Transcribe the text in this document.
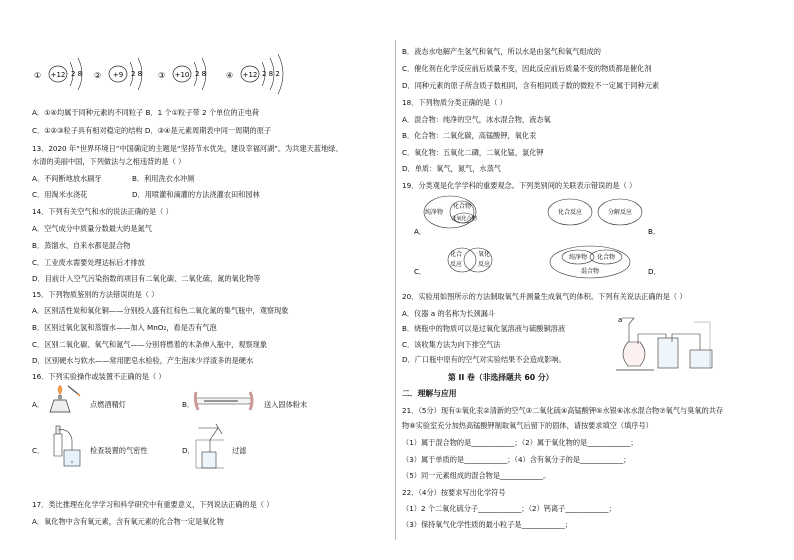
① +12 2 8 ② +9 2 8 ③ +10 2 8 ④ +12 2 8 2
A．①④均属于同种元素的不同粒子 B．1 个①粒子带 2 个单位的正电荷
C．①②③粒子具有相对稳定的结构 D．③④是元素周期表中同一周期的原子
13．2020 年“世界环境日”中国确定的主题是“坚持节水优先，建设幸福河湖”。为共建天蓝地绿、
水清的美丽中国，下列做法与之相违背的是（ ）
A．不间断地放水刷牙	B．利用洗衣水冲厕
C．用淘米水浇花	D．用喷灌和滴灌的方法浇灌农田和园林
14．下列有关空气和水的说法正确的是（ ）
A．空气成分中质量分数最大的是氮气
B．蒸馏水、自来水都是混合物
C．工业废水需要处理达标后才排放
D．目前计入空气污染指数的项目有二氧化碳、二氧化硫、氮的氧化物等
15．下列物质鉴别的方法错误的是（ ）
A．区别活性炭和氧化铜——分别投入盛有红棕色二氧化氮的集气瓶中，观察现象
B．区别过氧化氢和蒸馏水——加入 MnO₂，看是否有气泡
C．区别二氧化碳、氧气和氮气——分别将燃着的木条伸入瓶中，观察现象
D．区别硬水与软水——常用肥皂水检验，产生泡沫少浮渣多的是硬水
16．下列实验操作或装置不正确的是（ ）
A．	点燃酒精灯	B．	送入固体粉末
C．	检查装置的气密性	D．	过滤
17．类比推理在化学学习和科学研究中有重要意义，下列说法正确的是（ ）
A．氧化物中含有氧元素，含有氧元素的化合物一定是氧化物
B．液态水电解产生氢气和氧气，所以水是由氢气和氧气组成的
C．催化剂在化学反应前后质量不变，因此反应前后质量不变的物质都是催化剂
D．同种元素的原子所含质子数相同，含有相同质子数的微粒不一定属于同种元素
18．下列物质分类正确的是（ ）
A．混合物：纯净的空气，冰水混合物，液态氧
B．化合物：二氧化碳，高锰酸钾，氧化汞
C．氧化物：五氧化二磷，二氧化锰，氯化钾
D．单质：氧气，氮气，水蒸气
19．分类观是化学学科的重要观念。下列类别间的关联表示错误的是（ ）
A．
纯净物
化合物
含氧化合物
C．
化合
反应
氧化
反应
化合反应	分解反应
B．
纯净物 化合物
混合物	D．
20．实验用如图所示的方法制取氧气并测量生成氧气的体积。下列有关说法正确的是（ ）
A．仪器 a 的名称为长颈漏斗
B．烧瓶中的物质可以是过氧化氢溶液与硫酸铜溶液
C．该收集方法为向下排空气法
D．广口瓶中原有的空气对实验结果不会造成影响。
a
第 II 卷（非选择题共 60 分）
二．理解与应用
21．（5分）现有①氧化汞②清新的空气③二氧化硫④高锰酸钾⑤水银⑥冰水混合物⑦氧气与臭氧的共存
物⑧实验室充分加热高锰酸钾制取氧气后留下的固体，请按要求填空（填序号）
（1）属于混合物的是____________；（2）属于氧化物的是____________；
（3）属于单质的是____________；（4）含有氧分子的是____________；
（5）同一元素组成的混合物是____________。
22．（4分）按要求写出化学符号
（1）2 个二氧化硫分子____________；（2）钙离子____________；
（3）保持氧气化学性质的最小粒子是____________；
